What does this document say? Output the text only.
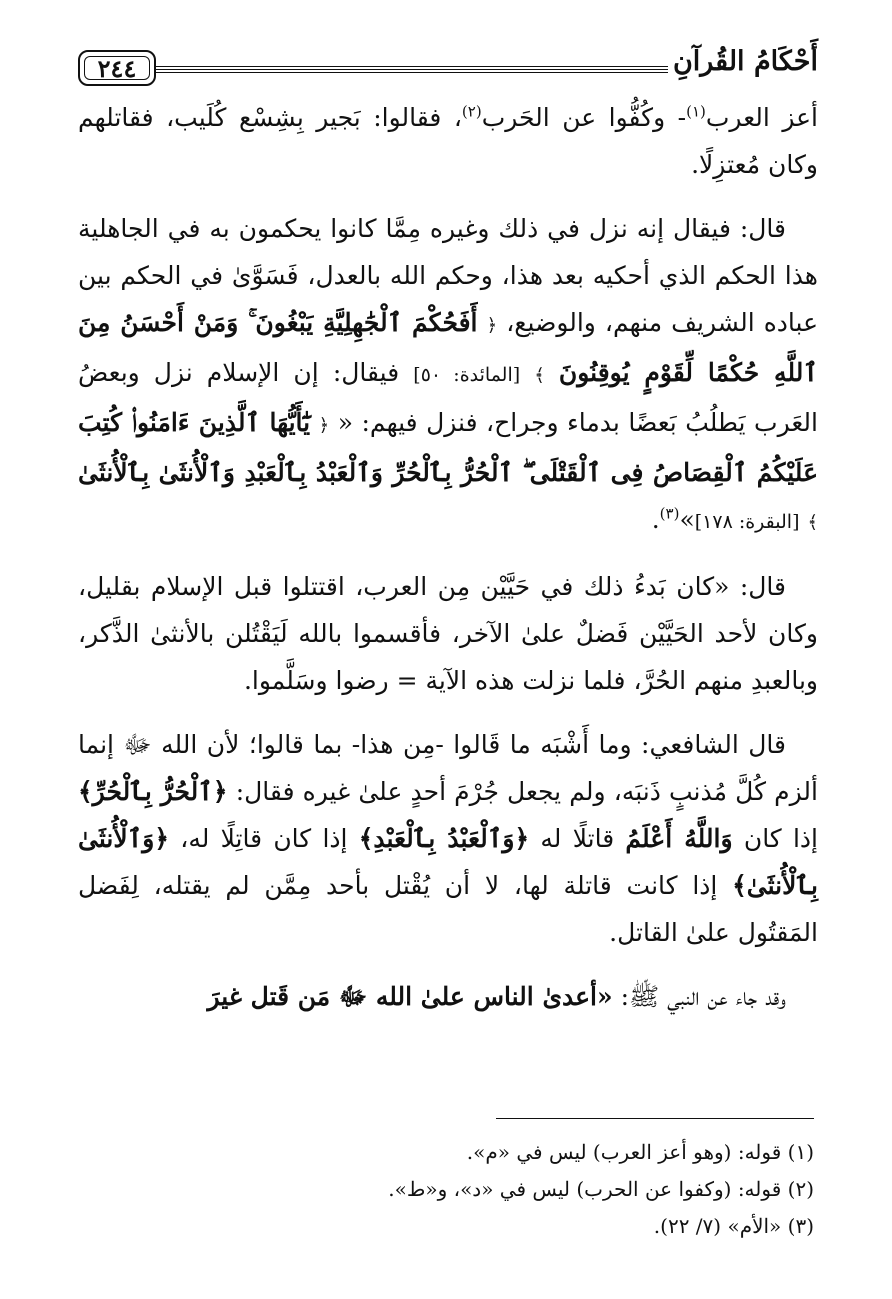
٢٤٤	أَحْكَامُ القُرآنِ

أعز العرب$^{(١)}$- وكُفُّوا عن الحَرب$^{(٢)}$، فقالوا: بَجير بِشِسْع كُلَيب، فقاتلهم وكان مُعتزِلًا.

قال: فيقال إنه نزل في ذلك وغيره مِمَّا كانوا يحكمون به في الجاهلية هذا الحكم الذي أحكيه بعد هذا، وحكم الله بالعدل، فَسَوَّىٰ في الحكم بين عباده الشريف منهم، والوضيع، ﴿ أَفَحُكْمَ ٱلْجَٰهِلِيَّةِ يَبْغُونَ ۚ وَمَنْ أَحْسَنُ مِنَ ٱللَّهِ حُكْمًا لِّقَوْمٍ يُوقِنُونَ ﴾ [المائدة: ٥٠] فيقال: إن الإسلام نزل وبعضُ العَرب يَطلُبُ بَعضًا بدماء وجراح، فنزل فيهم: « ﴿ يَٰٓأَيُّهَا ٱلَّذِينَ ءَامَنُوا۟ كُتِبَ عَلَيْكُمُ ٱلْقِصَاصُ فِى ٱلْقَتْلَى ۖ ٱلْحُرُّ بِٱلْحُرِّ وَٱلْعَبْدُ بِٱلْعَبْدِ وَٱلْأُنثَىٰ بِٱلْأُنثَىٰ ﴾ [البقرة: ١٧٨]»$^{(٣)}$.

قال: «كان بَدءُ ذلك في حَيَّيْن مِن العرب، اقتتلوا قبل الإسلام بقليل، وكان لأحد الحَيَّيْن فَضلٌ علىٰ الآخر، فأقسموا بالله لَيَقْتُلن بالأنثىٰ الذَّكر، وبالعبدِ منهم الحُرَّ، فلما نزلت هذه الآية = رضوا وسَلَّموا.

قال الشافعي: وما أَشْبَه ما قَالوا -مِن هذا- بما قالوا؛ لأن الله ﷻ إنما ألزم كُلَّ مُذنبٍ ذَنبَه، ولم يجعل جُرْمَ أحدٍ علىٰ غيره فقال: ﴿ٱلْحُرُّ بِٱلْحُرِّ﴾ إذا كان وَاللَّهُ أَعْلَمُ قاتلًا له ﴿وَٱلْعَبْدُ بِٱلْعَبْدِ﴾ إذا كان قاتِلًا له، ﴿وَٱلْأُنثَىٰ بِٱلْأُنثَىٰ﴾ إذا كانت قاتلة لها، لا أن يُقْتل بأحد مِمَّن لم يقتله، لِفَضل المَقتُول علىٰ القاتل.

وقد جاء عن النبي ﷺ: «أعدىٰ الناس علىٰ الله ﷻ مَن قَتل غيرَ

(١) قوله: (وهو أعز العرب) ليس في «م».
(٢) قوله: (وكفوا عن الحرب) ليس في «د»، و«ط».
(٣) «الأم» (٧/ ٢٢).
